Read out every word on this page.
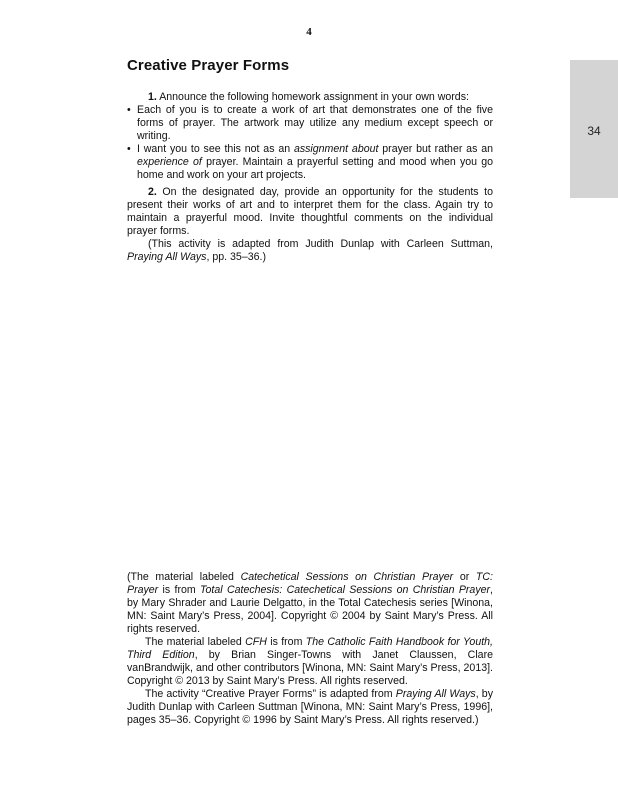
4
34
Creative Prayer Forms
1. Announce the following homework assignment in your own words:
• Each of you is to create a work of art that demonstrates one of the five forms of prayer. The artwork may utilize any medium except speech or writing.
• I want you to see this not as an assignment about prayer but rather as an experience of prayer. Maintain a prayerful setting and mood when you go home and work on your art projects.
2. On the designated day, provide an opportunity for the students to present their works of art and to interpret them for the class. Again try to maintain a prayerful mood. Invite thoughtful comments on the individual prayer forms.
(This activity is adapted from Judith Dunlap with Carleen Suttman, Praying All Ways, pp. 35–36.)

(The material labeled Catechetical Sessions on Christian Prayer or TC: Prayer is from Total Catechesis: Catechetical Sessions on Christian Prayer, by Mary Shrader and Laurie Delgatto, in the Total Catechesis series [Winona, MN: Saint Mary’s Press, 2004]. Copyright © 2004 by Saint Mary’s Press. All rights reserved.

The material labeled CFH is from The Catholic Faith Handbook for Youth, Third Edition, by Brian Singer-Towns with Janet Claussen, Clare vanBrandwijk, and other contributors [Winona, MN: Saint Mary’s Press, 2013]. Copyright © 2013 by Saint Mary’s Press. All rights reserved.

The activity “Creative Prayer Forms” is adapted from Praying All Ways, by Judith Dunlap with Carleen Suttman [Winona, MN: Saint Mary’s Press, 1996], pages 35–36. Copyright © 1996 by Saint Mary’s Press. All rights reserved.)
